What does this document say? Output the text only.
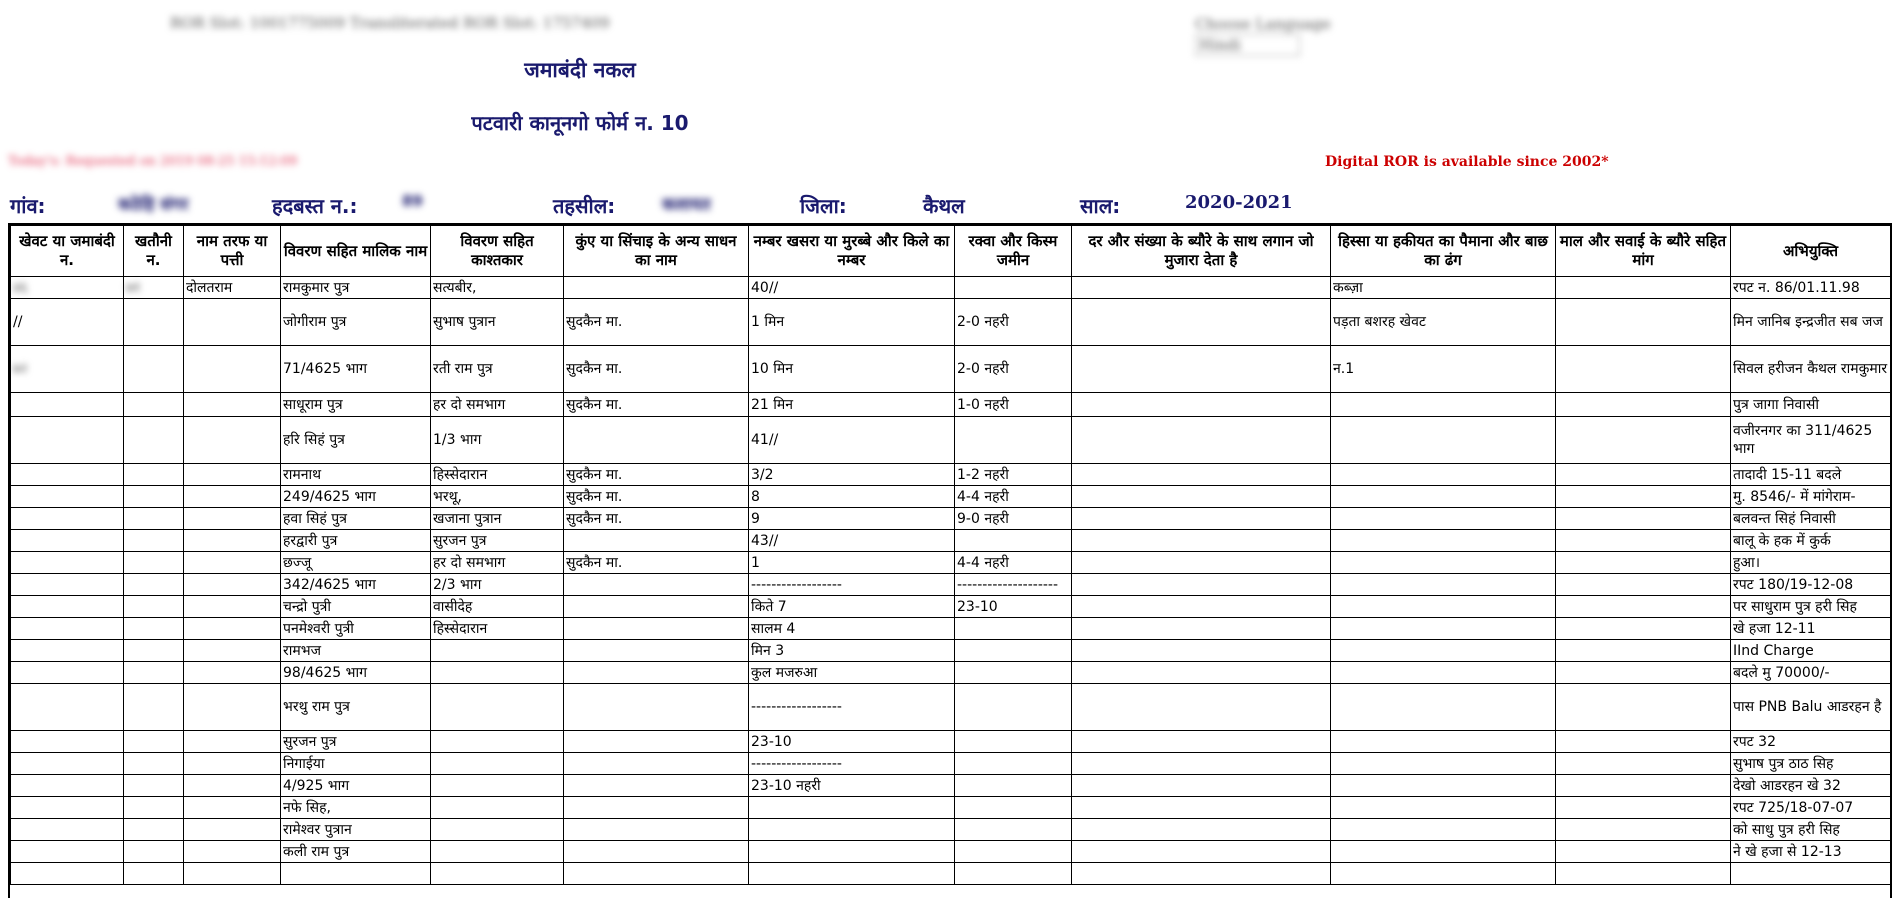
ROR Slot: 1001775009 Transliterated ROR Slot: 1757409	Choose Language
Hindi
जमाबंदी नकल
पटवारी कानूनगो फोर्म न. 10
Today's: Requested on 2019 08-25 15:12:09	Digital ROR is available since 2002*
गांव:	कठेहि संगर	हदबस्त न.:	89	तहसील:	कलायत	जिला:	कैथल	साल:	2020-2021
खेवट या जमाबंदी न.	खतौनी न.	नाम तरफ या पत्ती	विवरण सहित मालिक नाम	विवरण सहित काश्तकार	कुंए या सिंचाइ के अन्य साधन का नाम	नम्बर खसरा या मुरब्बे और किले का नम्बर	रक्वा और किस्म जमीन	दर और संख्या के ब्यौरे के साथ लगान जो मुजारा देता है	हिस्सा या हकीयत का पैमाना और बाछ का ढंग	माल और सवाई के ब्यौरे सहित मांग	अभियुक्ति
४६	७१	दोलतराम	रामकुमार पुत्र	सत्यबीर,		40//			कब्ज़ा		रपट न. 86/01.11.98
//			जोगीराम पुत्र	सुभाष पुत्रान	सुदकैन मा.	1 मिन	2-0 नहरी		पड़ता बशरह खेवट		मिन जानिब इन्द्रजीत सब जज
७२			71/4625 भाग	रती राम पुत्र	सुदकैन मा.	10 मिन	2-0 नहरी		न.1		सिवल हरीजन कैथल रामकुमार
			साधूराम पुत्र	हर दो समभाग	सुदकैन मा.	21 मिन	1-0 नहरी				पुत्र जागा निवासी
			हरि सिहं पुत्र	1/3 भाग		41//					वजीरनगर का 311/4625 भाग
			रामनाथ	हिस्सेदारान	सुदकैन मा.	3/2	1-2 नहरी				तादादी 15-11 बदले
			249/4625 भाग	भरथू,	सुदकैन मा.	8	4-4 नहरी				मु. 8546/- में मांगेराम-
			हवा सिहं पुत्र	खजाना पुत्रान	सुदकैन मा.	9	9-0 नहरी				बलवन्त सिहं निवासी
			हरद्वारी पुत्र	सुरजन पुत्र		43//					बालू के हक में कुर्क
			छज्जू	हर दो समभाग	सुदकैन मा.	1	4-4 नहरी				हुआ।
			342/4625 भाग	2/3 भाग		------------------	--------------------				रपट 180/19-12-08
			चन्द्रो पुत्री	वासीदेह		किते 7	23-10				पर साधुराम पुत्र हरी सिह
			पनमेश्वरी पुत्री	हिस्सेदारान		सालम 4					खे हजा 12-11
			रामभज			मिन 3					IInd Charge
			98/4625 भाग			कुल मजरुआ					बदले मु 70000/-
			भरथु राम पुत्र			------------------					पास PNB Balu आडरहन है
			सुरजन पुत्र			23-10					रपट 32
			निगाईया			------------------					सुभाष पुत्र ठाठ सिह
			4/925 भाग			23-10 नहरी					देखो आडरहन खे 32
			नफे सिह,								रपट 725/18-07-07
			रामेश्वर पुत्रान								को साधु पुत्र हरी सिह
			कली राम पुत्र								ने खे हजा से 12-13
